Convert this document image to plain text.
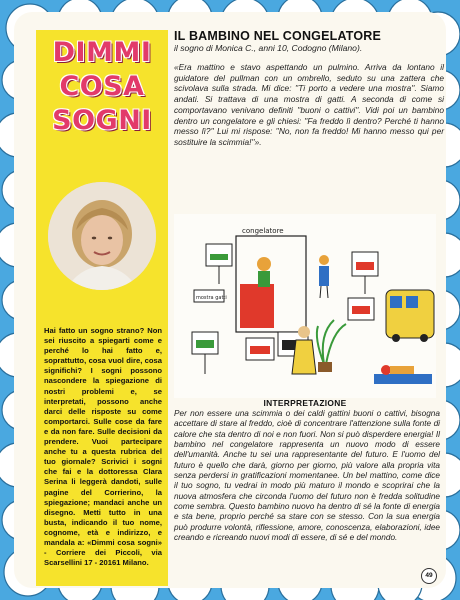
DIMMI
COSA
SOGNI
Hai fatto un sogno strano? Non sei riuscito a spiegarti come e perché lo hai fatto e, soprattutto, cosa vuol dire, cosa significhi? I sogni possono nascondere la spiegazione di nostri problemi e, se interpretati, possono anche darci delle risposte su come comportarci. Sulle cose da fare e da non fare. Sulle decisioni da prendere. Vuoi partecipare anche tu a questa rubrica del tuo giornale? Scrivici i sogni che fai e la dottoressa Clara Serina li leggerà dandoti, sulle pagine del Corrierino, la spiegazione; mandaci anche un disegno. Metti tutto in una busta, indicando il tuo nome, cognome, età e indirizzo, e mandala a: «Dimmi cosa sogni» - Corriere dei Piccoli, via Scarsellini 17 - 20161 Milano.
IL BAMBINO NEL CONGELATORE
il sogno di Monica C., anni 10, Codogno (Milano).
«Era mattino e stavo aspettando un pulmino. Arriva da lontano il guidatore del pullman con un ombrello, seduto su una zattera che scivolava sulla strada. Mi dice: ''Ti porto a vedere una mostra''. Siamo andati. Si trattava di una mostra di gatti. A seconda di come si comportavano venivano definiti ''buoni o cattivi''. Vidi poi un bambino dentro un congelatore e gli chiesi: ''Fa freddo lì dentro? Perché ti hanno messo lì?'' Lui mi rispose: ''No, non fa freddo! Mi hanno messo qui per sostituire la scimmia!''».
congelatore
mostra gatti
INTERPRETAZIONE
Per non essere una scimmia o dei caldi gattini buoni o cattivi, bisogna accettare di stare al freddo, cioè di concentrare l'attenzione sulla fonte di calore che sta dentro di noi e non fuori. Non si può disperdere energia! Il bambino nel congelatore rappresenta un nuovo modo di essere dell'umanità. Anche tu sei una rappresentante del futuro. E l'uomo del futuro è quello che darà, giorno per giorno, più valore alla propria vita senza perdersi in gratificazioni momentanee. Un bel mattino, come dice il tuo sogno, tu vedrai in modo più maturo il mondo e scoprirai che la nuova atmosfera che circonda l'uomo del futuro non è fredda solitudine come sembra. Questo bambino nuovo ha dentro di sé la fonte di energia e sta bene, proprio perché sa stare con se stesso. Con la sua energia può produrre volontà, riflessione, amore, conoscenza, elaborazioni, idee creando e ricreando nuovi modi di essere, di sé e del mondo.
49
